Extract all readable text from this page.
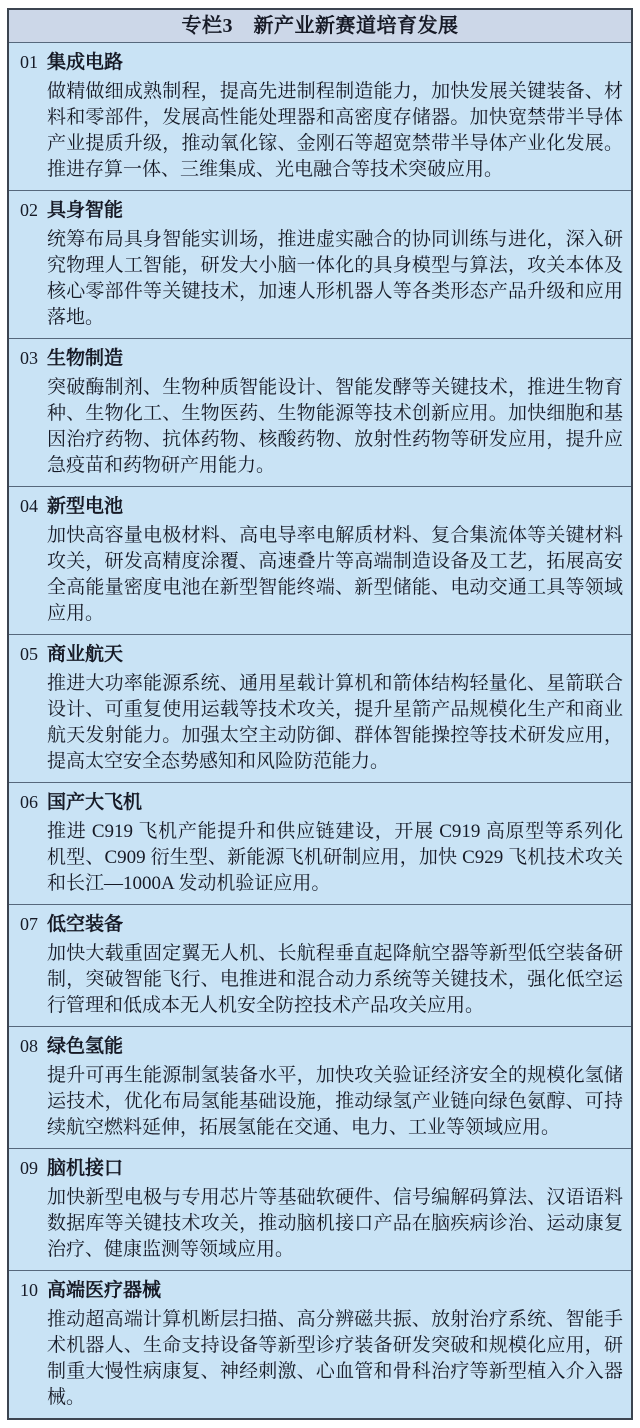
专栏3　新产业新赛道培育发展
01 集成电路

做精做细成熟制程，提高先进制程制造能力，加快发展关键装备、材料和零部件，发展高性能处理器和高密度存储器。加快宽禁带半导体产业提质升级，推动氧化镓、金刚石等超宽禁带半导体产业化发展。推进存算一体、三维集成、光电融合等技术突破应用。

02 具身智能

统筹布局具身智能实训场，推进虚实融合的协同训练与进化，深入研究物理人工智能，研发大小脑一体化的具身模型与算法，攻关本体及核心零部件等关键技术，加速人形机器人等各类形态产品升级和应用落地。

03 生物制造

突破酶制剂、生物种质智能设计、智能发酵等关键技术，推进生物育种、生物化工、生物医药、生物能源等技术创新应用。加快细胞和基因治疗药物、抗体药物、核酸药物、放射性药物等研发应用，提升应急疫苗和药物研产用能力。

04 新型电池

加快高容量电极材料、高电导率电解质材料、复合集流体等关键材料攻关，研发高精度涂覆、高速叠片等高端制造设备及工艺，拓展高安全高能量密度电池在新型智能终端、新型储能、电动交通工具等领域应用。

05 商业航天

推进大功率能源系统、通用星载计算机和箭体结构轻量化、星箭联合设计、可重复使用运载等技术攻关，提升星箭产品规模化生产和商业航天发射能力。加强太空主动防御、群体智能操控等技术研发应用，提高太空安全态势感知和风险防范能力。

06 国产大飞机

推进 C919 飞机产能提升和供应链建设，开展 C919 高原型等系列化机型、C909 衍生型、新能源飞机研制应用，加快 C929 飞机技术攻关和长江—1000A 发动机验证应用。

07 低空装备

加快大载重固定翼无人机、长航程垂直起降航空器等新型低空装备研制，突破智能飞行、电推进和混合动力系统等关键技术，强化低空运行管理和低成本无人机安全防控技术产品攻关应用。

08 绿色氢能

提升可再生能源制氢装备水平，加快攻关验证经济安全的规模化氢储运技术，优化布局氢能基础设施，推动绿氢产业链向绿色氨醇、可持续航空燃料延伸，拓展氢能在交通、电力、工业等领域应用。

09 脑机接口

加快新型电极与专用芯片等基础软硬件、信号编解码算法、汉语语料数据库等关键技术攻关，推动脑机接口产品在脑疾病诊治、运动康复治疗、健康监测等领域应用。

10 高端医疗器械

推动超高端计算机断层扫描、高分辨磁共振、放射治疗系统、智能手术机器人、生命支持设备等新型诊疗装备研发突破和规模化应用，研制重大慢性病康复、神经刺激、心血管和骨科治疗等新型植入介入器械。
